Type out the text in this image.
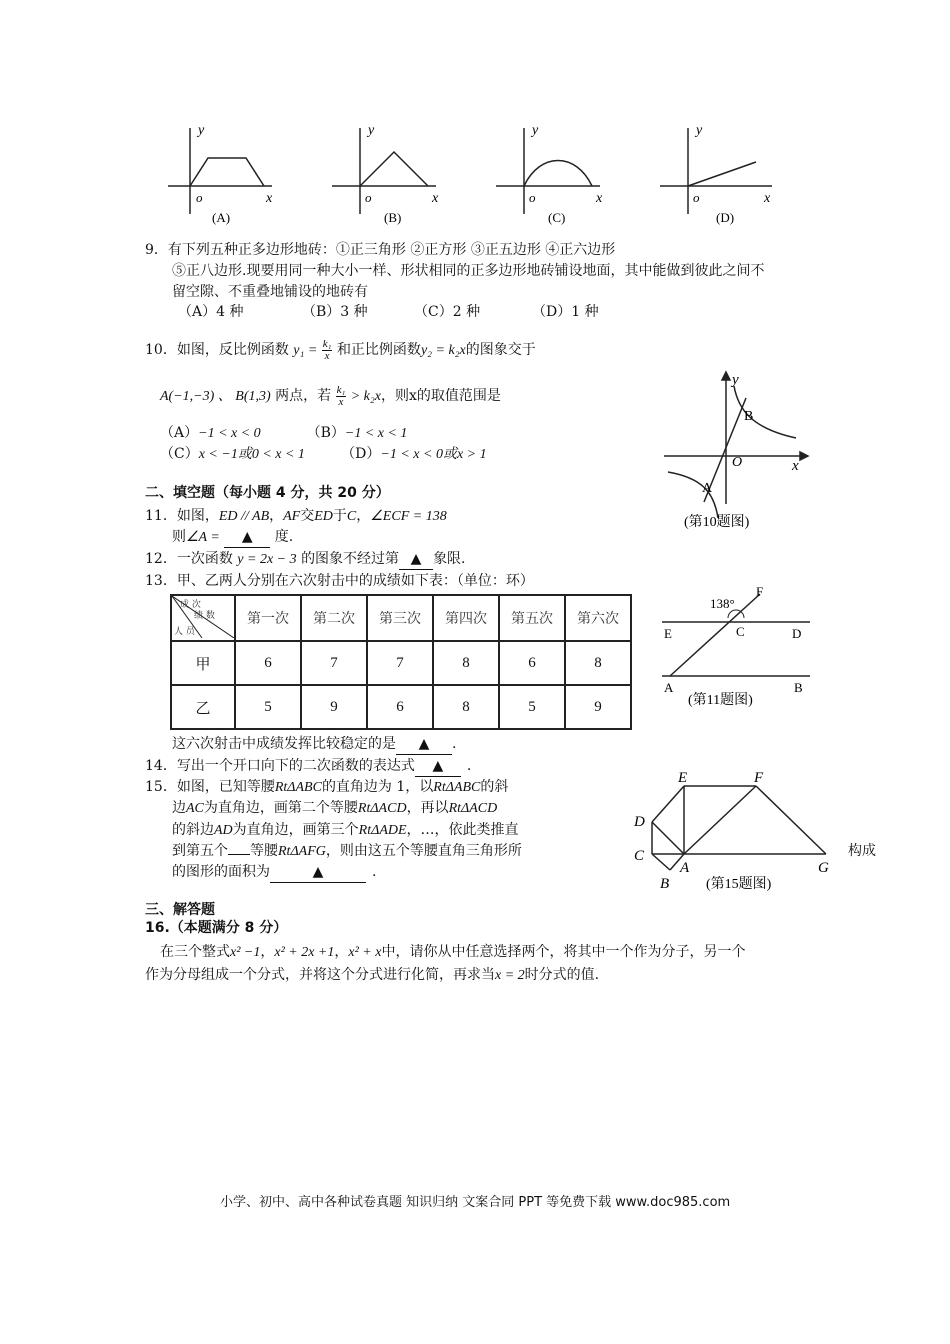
y
o	x
(A)
y
o	x
(B)
y
o	x
(C)
y
o	x
(D)
9．有下列五种正多边形地砖：①正三角形 ②正方形 ③正五边形 ④正六边形
⑤正八边形.现要用同一种大小一样、形状相同的正多边形地砖铺设地面，其中能做到彼此之间不
留空隙、不重叠地铺设的地砖有
（A）4 种	（B）3 种	（C）2 种	（D）1 种
10．如图，反比例函数 $y_1 = \frac{\text{k₁}}{x}$ 和正比例函数y₂ = k₂x的图象交于
A(−1,−3) 、 B(1,3) 两点，若 $\frac{\text{k₁}}{x} > k_2x$，则x的取值范围是
（A）−1 < x < 0	（B）−1 < x < 1
（C）x < −1或0 < x < 1	（D）−1 < x < 0或x > 1
y
B
O	x
A
(第10题图)
二、填空题（每小题 4 分，共 20 分）
11．如图，ED // AB，AF交ED于C，∠ECF = 138
则∠A = ▲ 度.
12．一次函数 y = 2x − 3 的图象不经过第 ▲ 象限.
13．甲、乙两人分别在六次射击中的成绩如下表：（单位：环）
成 次
绩 数
人 员	第一次	第二次	第三次	第四次	第五次	第六次
甲	6	7	7	8	6	8
乙	5	9	6	8	5	9
这六次射击中成绩发挥比较稳定的是 ▲ .
138°
F
E	C	D
A	B
(第11题图)
14．写出一个开口向下的二次函数的表达式 ▲ .
15．如图，已知等腰RtΔABC的直角边为 1，以RtΔABC的斜
边AC为直角边，画第二个等腰RtΔACD，再以RtΔACD
的斜边AD为直角边，画第三个RtΔADE，…，依此类推直
到第五个 等腰RtΔAFG，则由这五个等腰直角三角形所	构成
的图形的面积为	▲	.
E	F
D
C
A
B
G
(第15题图)
三、解答题
16.（本题满分 8 分）
在三个整式x² −1，x² + 2x +1，x² + x中，请你从中任意选择两个，将其中一个作为分子，另一个
作为分母组成一个分式，并将这个分式进行化简，再求当x = 2时分式的值.
小学、初中、高中各种试卷真题 知识归纳 文案合同 PPT 等免费下载 www.doc985.com
